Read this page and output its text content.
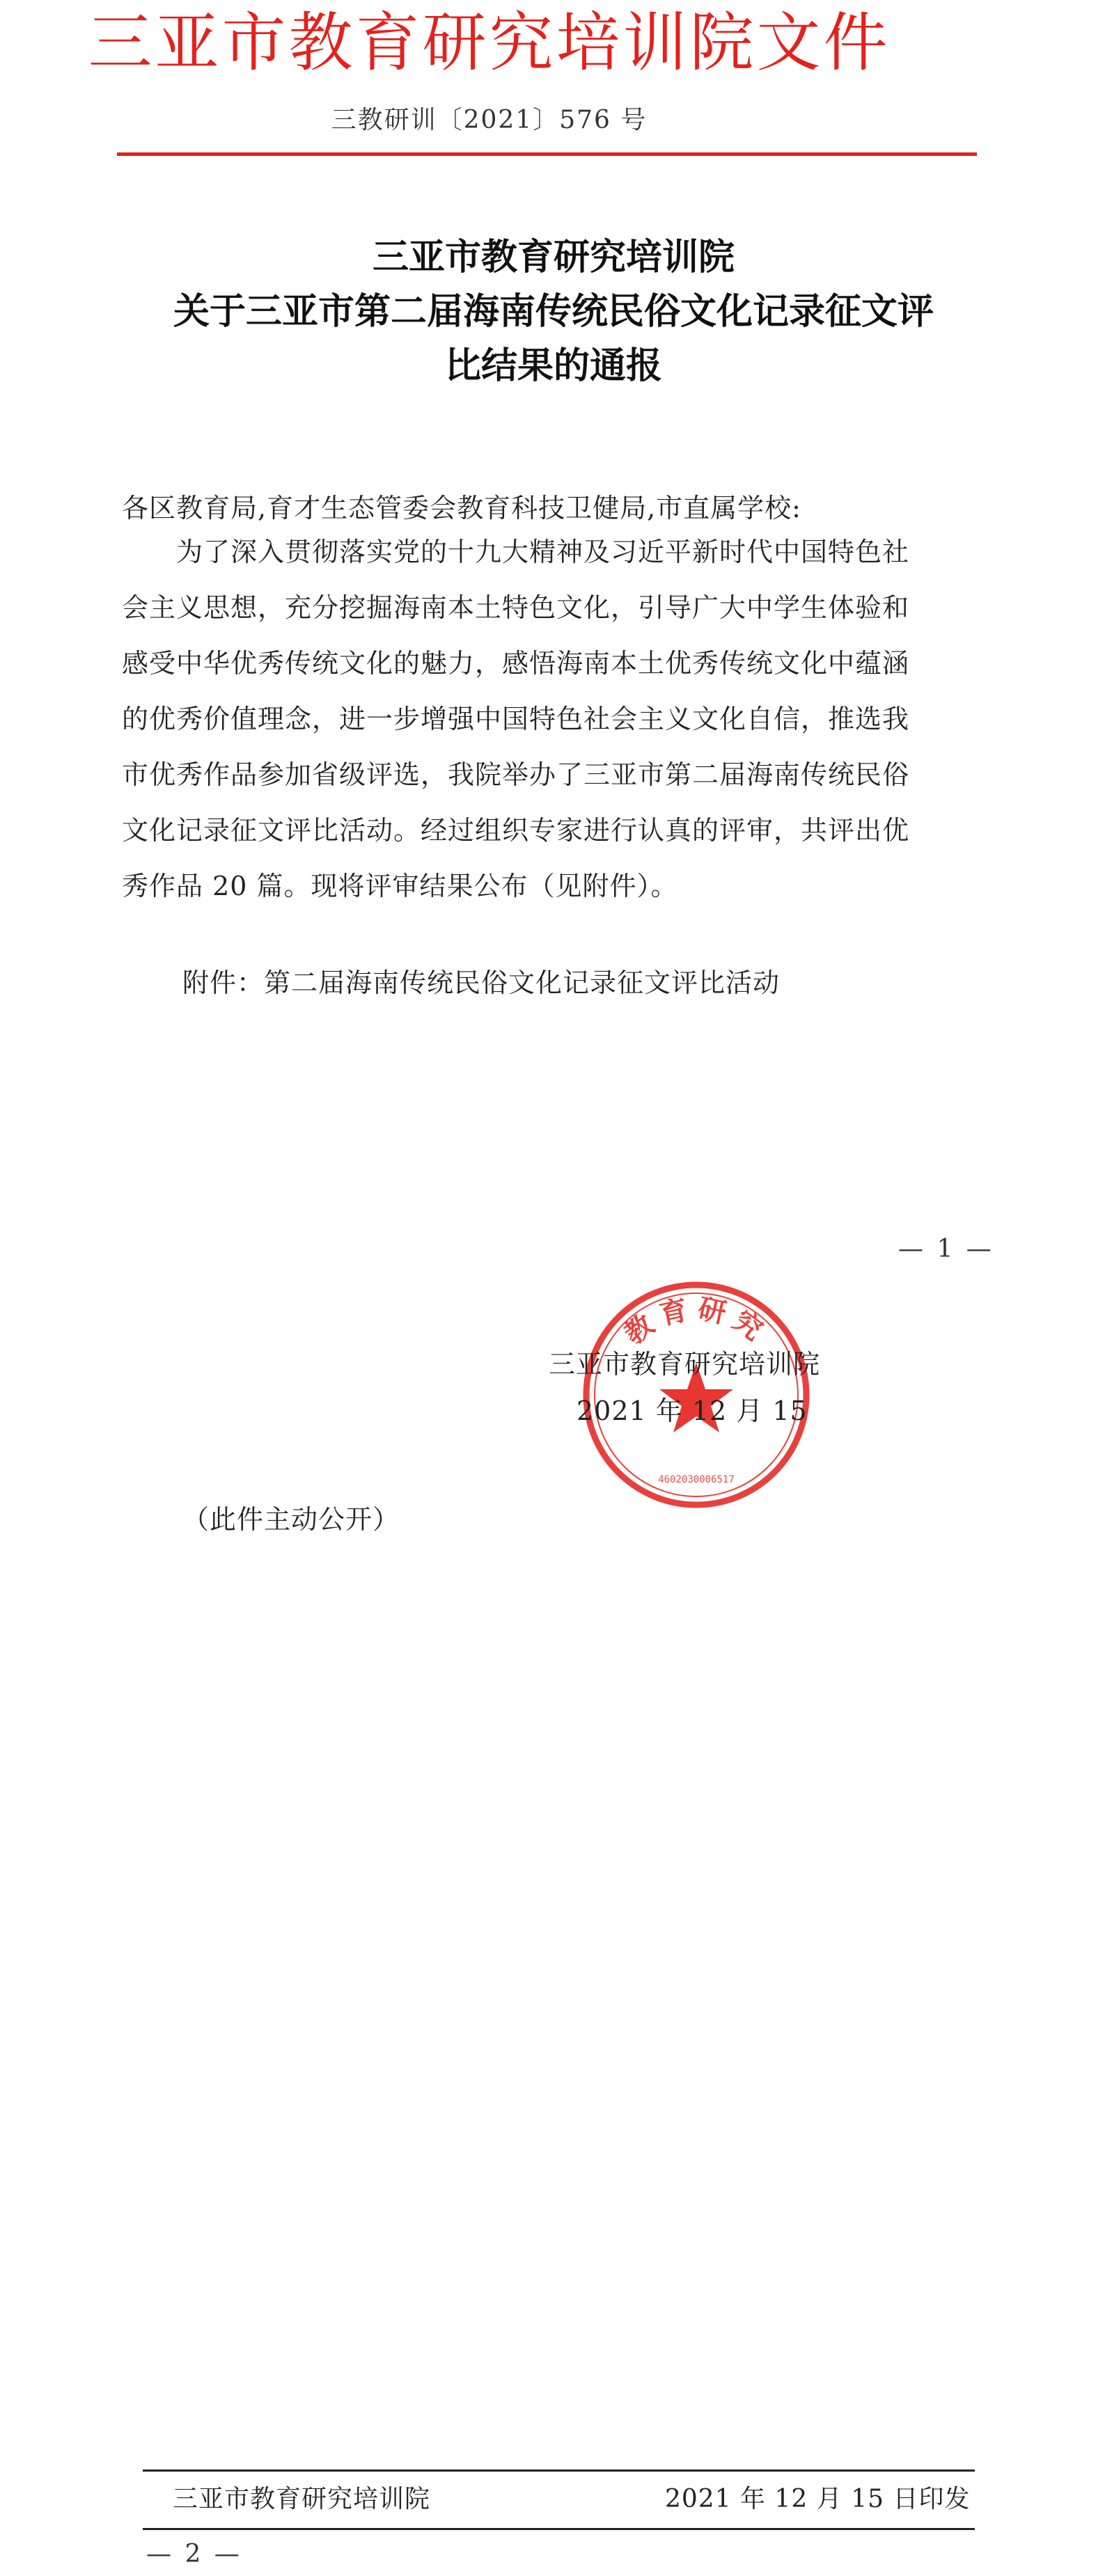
三亚市教育研究培训院文件
三教研训〔2021〕576 号
三亚市教育研究培训院
关于三亚市第二届海南传统民俗文化记录征文评
比结果的通报
各区教育局,育才生态管委会教育科技卫健局,市直属学校:
　　为了深入贯彻落实党的十九大精神及习近平新时代中国特色社
会主义思想，充分挖掘海南本土特色文化，引导广大中学生体验和
感受中华优秀传统文化的魅力，感悟海南本土优秀传统文化中蕴涵
的优秀价值理念，进一步增强中国特色社会主义文化自信，推选我
市优秀作品参加省级评选，我院举办了三亚市第二届海南传统民俗
文化记录征文评比活动。经过组织专家进行认真的评审，共评出优
秀作品 20 篇。现将评审结果公布（见附件）。
附件：第二届海南传统民俗文化记录征文评比活动
— 1 —
教育研究
4602030006517
三亚市教育研究培训院
2021 年 12 月 15
（此件主动公开）
三亚市教育研究培训院	2021 年 12 月 15 日印发
— 2 —
